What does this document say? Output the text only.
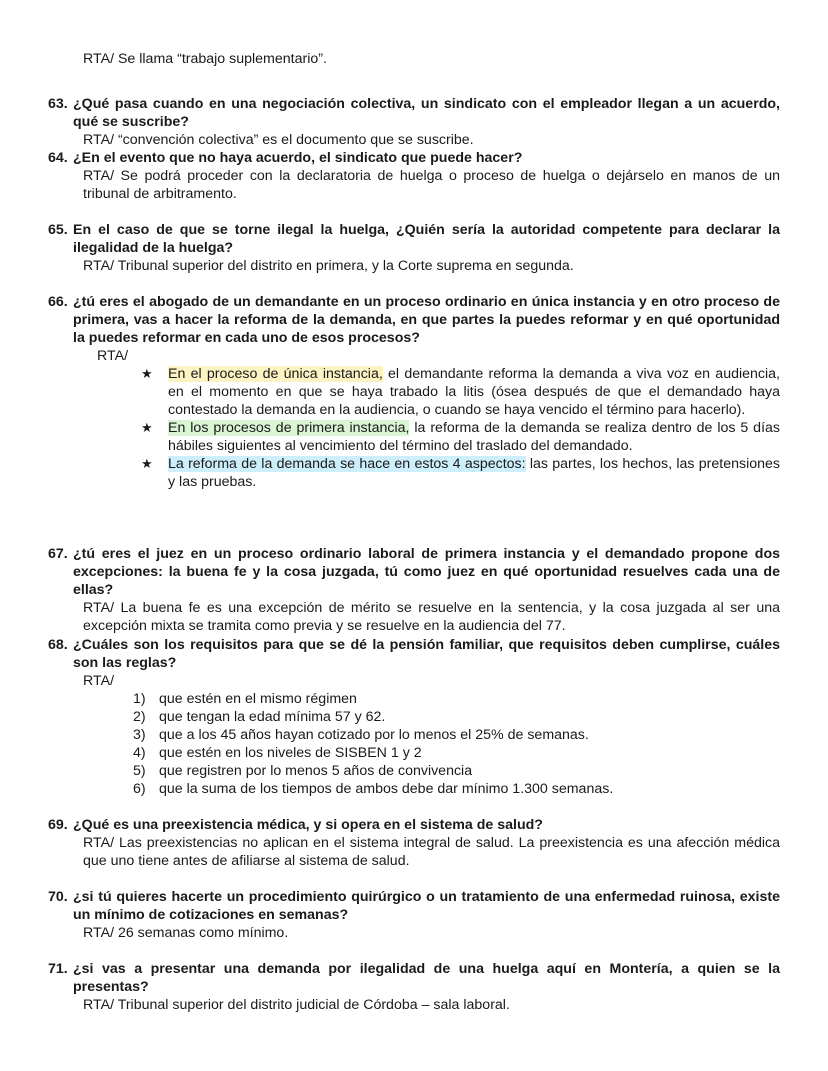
RTA/ Se llama “trabajo suplementario”.
63. ¿Qué pasa cuando en una negociación colectiva, un sindicato con el empleador llegan a un acuerdo, qué se suscribe?
RTA/ “convención colectiva” es el documento que se suscribe.
64. ¿En el evento que no haya acuerdo, el sindicato que puede hacer?
RTA/ Se podrá proceder con la declaratoria de huelga o proceso de huelga o dejárselo en manos de un tribunal de arbitramento.
65. En el caso de que se torne ilegal la huelga, ¿Quién sería la autoridad competente para declarar la ilegalidad de la huelga?
RTA/ Tribunal superior del distrito en primera, y la Corte suprema en segunda.
66. ¿tú eres el abogado de un demandante en un proceso ordinario en única instancia y en otro proceso de primera, vas a hacer la reforma de la demanda, en que partes la puedes reformar y en qué oportunidad la puedes reformar en cada uno de esos procesos?
RTA/
★ En el proceso de única instancia, el demandante reforma la demanda a viva voz en audiencia, en el momento en que se haya trabado la litis (ósea después de que el demandado haya contestado la demanda en la audiencia, o cuando se haya vencido el término para hacerlo).
★ En los procesos de primera instancia, la reforma de la demanda se realiza dentro de los 5 días hábiles siguientes al vencimiento del término del traslado del demandado.
★ La reforma de la demanda se hace en estos 4 aspectos: las partes, los hechos, las pretensiones y las pruebas.
67. ¿tú eres el juez en un proceso ordinario laboral de primera instancia y el demandado propone dos excepciones: la buena fe y la cosa juzgada, tú como juez en qué oportunidad resuelves cada una de ellas?
RTA/ La buena fe es una excepción de mérito se resuelve en la sentencia, y la cosa juzgada al ser una excepción mixta se tramita como previa y se resuelve en la audiencia del 77.
68. ¿Cuáles son los requisitos para que se dé la pensión familiar, que requisitos deben cumplirse, cuáles son las reglas?
RTA/
1) que estén en el mismo régimen
2) que tengan la edad mínima 57 y 62.
3) que a los 45 años hayan cotizado por lo menos el 25% de semanas.
4) que estén en los niveles de SISBEN 1 y 2
5) que registren por lo menos 5 años de convivencia
6) que la suma de los tiempos de ambos debe dar mínimo 1.300 semanas.
69. ¿Qué es una preexistencia médica, y si opera en el sistema de salud?
RTA/ Las preexistencias no aplican en el sistema integral de salud. La preexistencia es una afección médica que uno tiene antes de afiliarse al sistema de salud.
70. ¿si tú quieres hacerte un procedimiento quirúrgico o un tratamiento de una enfermedad ruinosa, existe un mínimo de cotizaciones en semanas?
RTA/ 26 semanas como mínimo.
71. ¿si vas a presentar una demanda por ilegalidad de una huelga aquí en Montería, a quien se la presentas?
RTA/ Tribunal superior del distrito judicial de Córdoba – sala laboral.
